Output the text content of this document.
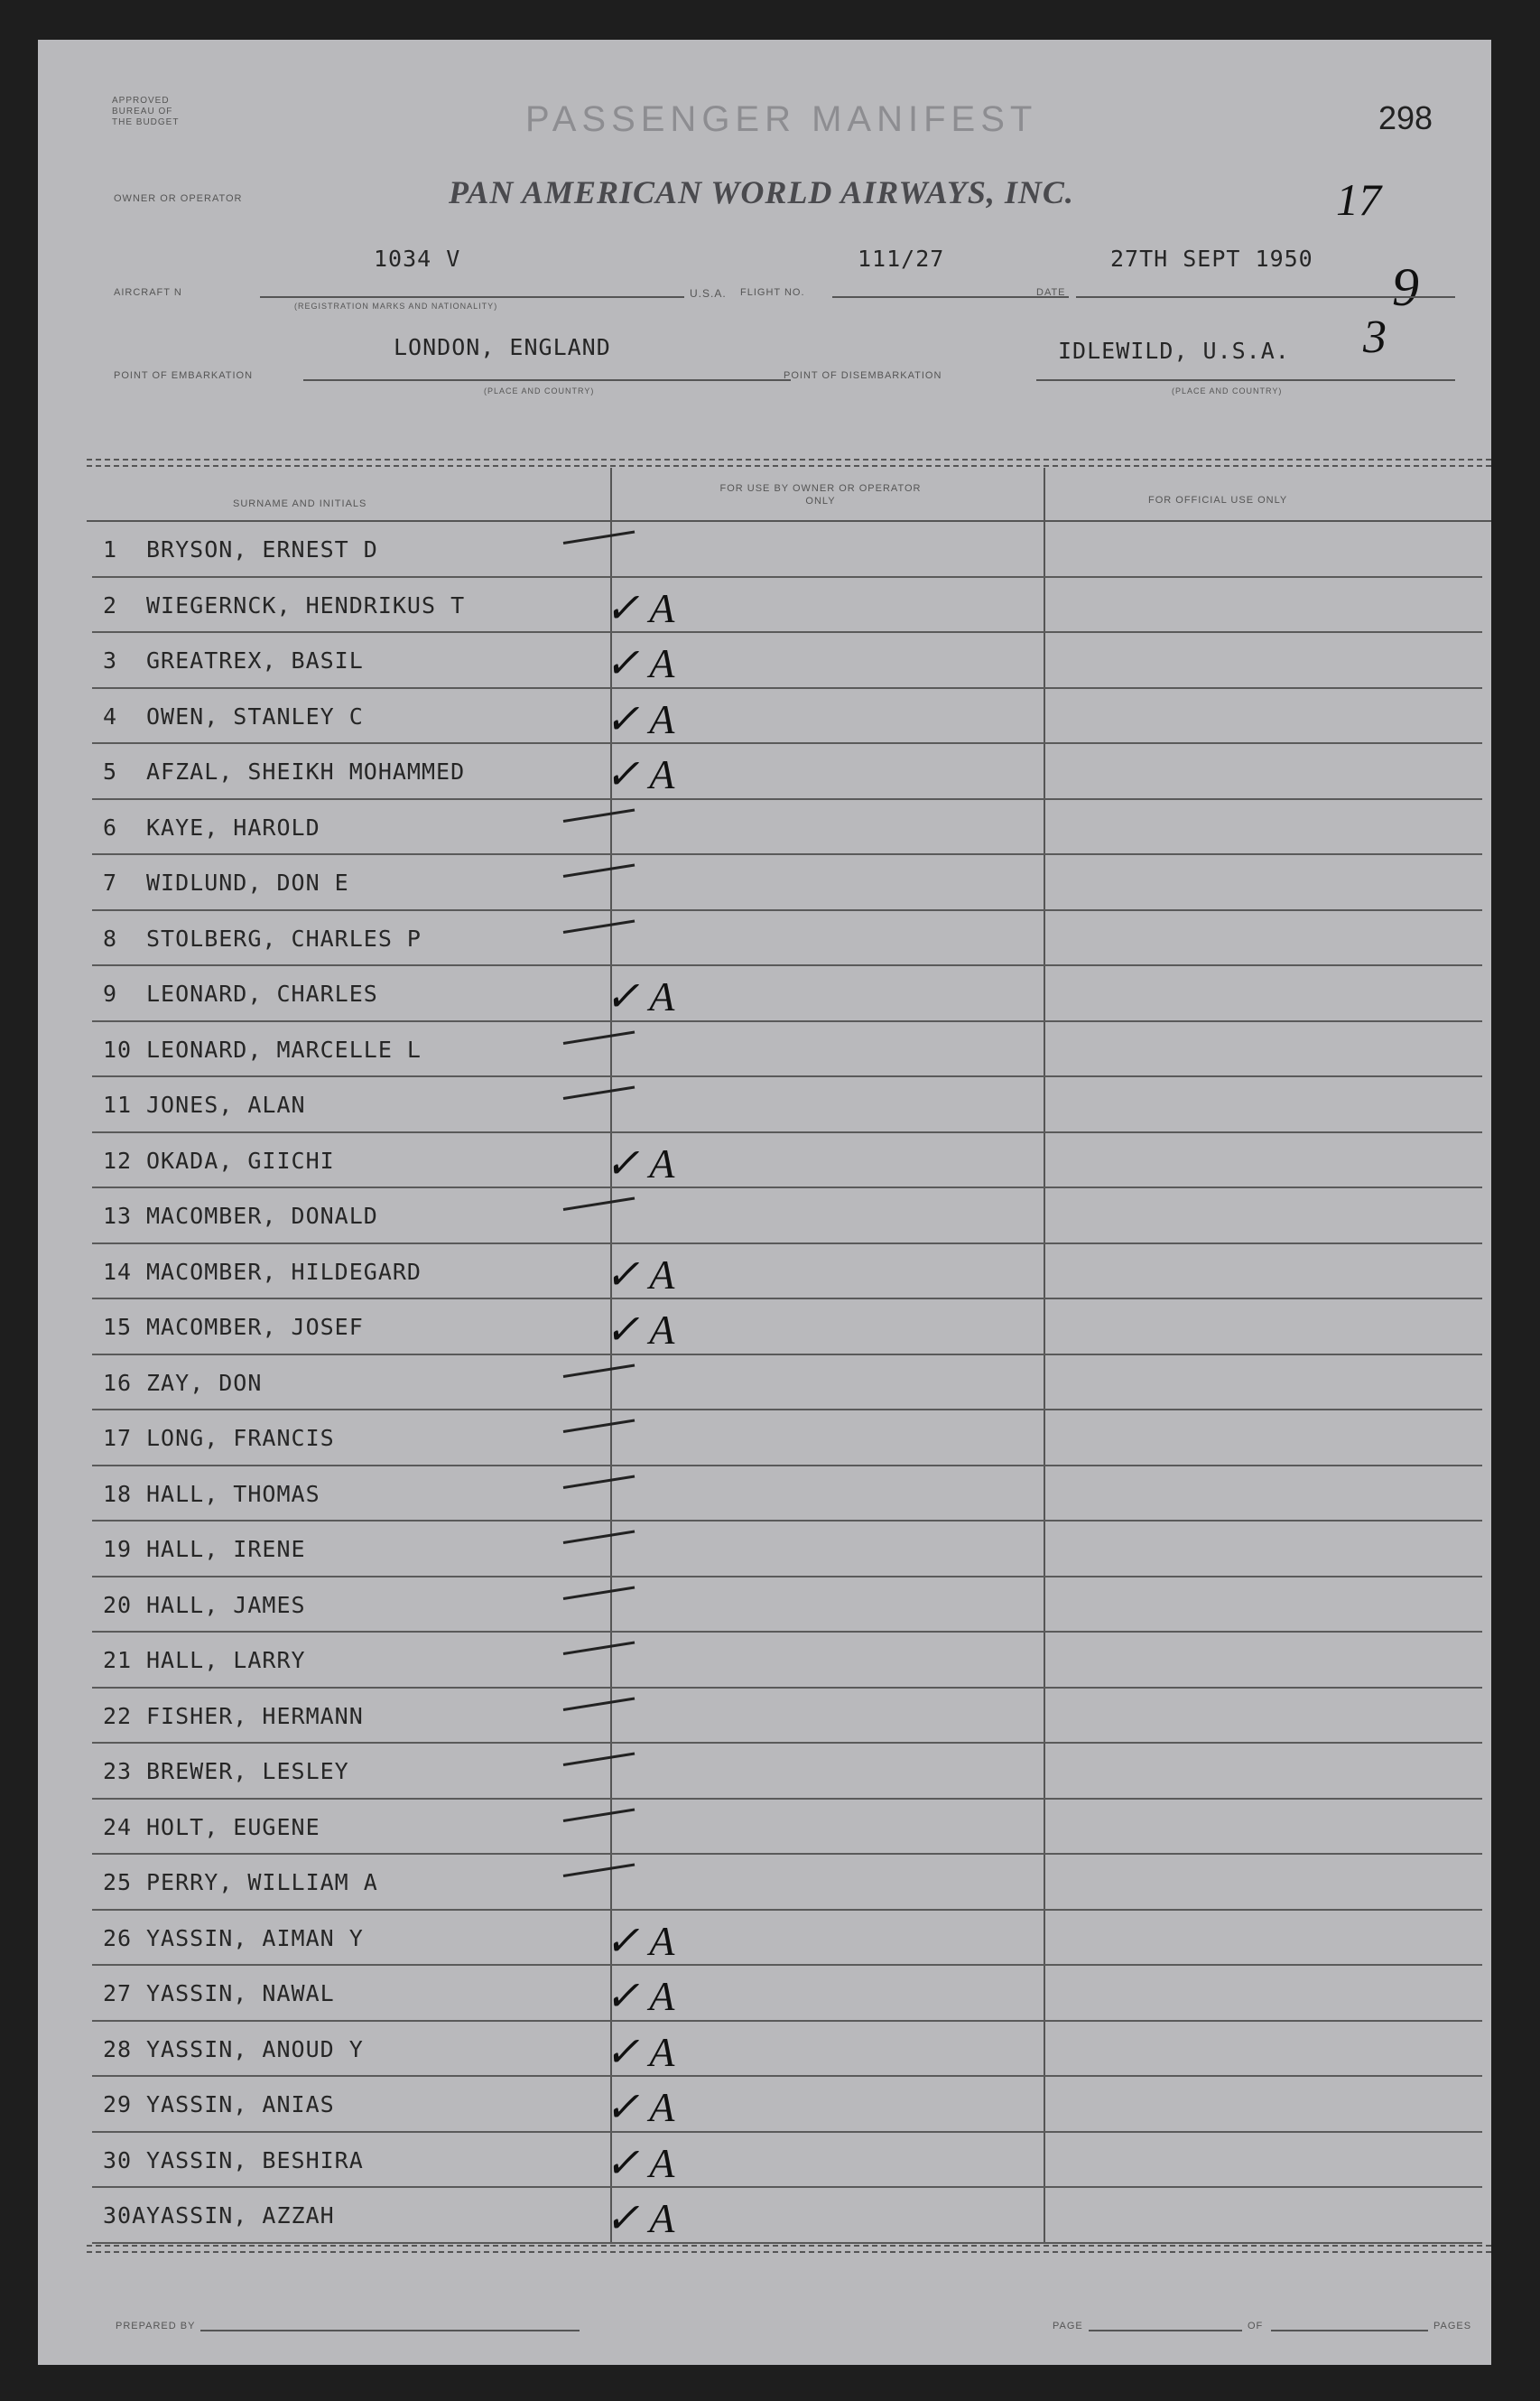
APPROVED BUREAU OF THE BUDGET	PASSENGER MANIFEST	298
OWNER OR OPERATOR	PAN AMERICAN WORLD AIRWAYS, INC.	17
9
3
1034 V	111/27	27TH SEPT 1950
AIRCRAFT N
(REGISTRATION MARKS AND NATIONALITY)
U.S.A. FLIGHT NO.	DATE
LONDON, ENGLAND	IDLEWILD, U.S.A.
POINT OF EMBARKATION
(PLACE AND COUNTRY)
POINT OF DISEMBARKATION
(PLACE AND COUNTRY)
SURNAME AND INITIALS
FOR USE BY OWNER OR OPERATOR ONLY	FOR OFFICIAL USE ONLY
1	BRYSON, ERNEST D
2	WIEGERNCK, HENDRIKUS T	✓ A
3	GREATREX, BASIL	✓ A
4	OWEN, STANLEY C	✓ A
5	AFZAL, SHEIKH MOHAMMED	✓ A
6	KAYE, HAROLD
7	WIDLUND, DON E
8	STOLBERG, CHARLES P
9	LEONARD, CHARLES	✓ A
10 LEONARD, MARCELLE L
11 JONES, ALAN
12 OKADA, GIICHI	✓ A
13 MACOMBER, DONALD
14 MACOMBER, HILDEGARD	✓ A
15 MACOMBER, JOSEF	✓ A
16 ZAY, DON
17 LONG, FRANCIS
18 HALL, THOMAS
19 HALL, IRENE
20 HALL, JAMES
21 HALL, LARRY
22 FISHER, HERMANN
23 BREWER, LESLEY
24 HOLT, EUGENE
25 PERRY, WILLIAM A
26 YASSIN, AIMAN Y	✓ A
27 YASSIN, NAWAL	✓ A
28 YASSIN, ANOUD Y	✓ A
29 YASSIN, ANIAS	✓ A
30 YASSIN, BESHIRA	✓ A
30A YASSIN, AZZAH	✓ A
PREPARED BY	PAGE	OF	PAGES
